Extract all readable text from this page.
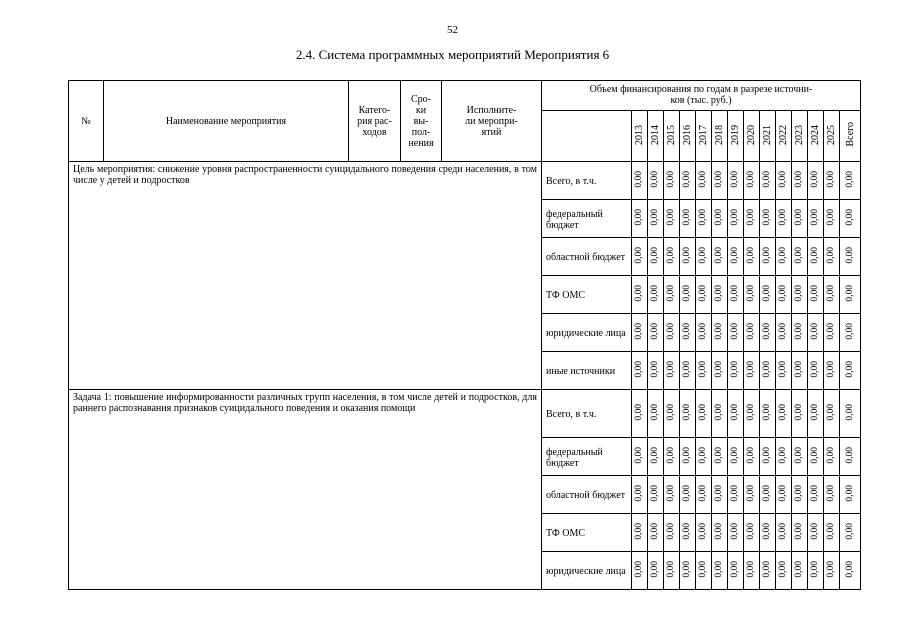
52
2.4. Система программных мероприятий Мероприятия 6
№	Наименование мероприятия	Катего-
рия рас-
ходов	Сро-
ки
вы-
пол-
нения	Исполните-
ли меропри-
ятий	Объем финансирования по годам в разрезе источни-
ков (тыс. руб.)														
						2013	2014	2015	2016	2017	2018	2019	2020	2021	2022	2023	2024	2025	Всего
Цель мероприятия: снижение уровня распространенности суицидального поведения среди населения, в том числе у детей и подростков					Всего, в т.ч.	0,00	0,00	0,00	0,00	0,00	0,00	0,00	0,00	0,00	0,00	0,00	0,00	0,00	0,00
					федеральный бюджет	0,00	0,00	0,00	0,00	0,00	0,00	0,00	0,00	0,00	0,00	0,00	0,00	0,00	0,00
					областной бюджет	0,00	0,00	0,00	0,00	0,00	0,00	0,00	0,00	0,00	0,00	0,00	0,00	0,00	0,00
					ТФ ОМС	0,00	0,00	0,00	0,00	0,00	0,00	0,00	0,00	0,00	0,00	0,00	0,00	0,00	0,00
					юридические лица	0,00	0,00	0,00	0,00	0,00	0,00	0,00	0,00	0,00	0,00	0,00	0,00	0,00	0,00
					иные источники	0,00	0,00	0,00	0,00	0,00	0,00	0,00	0,00	0,00	0,00	0,00	0,00	0,00	0,00
Задача 1: повышение информированности различных групп населения, в том числе детей и подростков, для раннего распознавания признаков суицидального поведения и оказания помощи					Всего, в т.ч.	0,00	0,00	0,00	0,00	0,00	0,00	0,00	0,00	0,00	0,00	0,00	0,00	0,00	0,00
					федеральный бюджет	0,00	0,00	0,00	0,00	0,00	0,00	0,00	0,00	0,00	0,00	0,00	0,00	0,00	0,00
					областной бюджет	0,00	0,00	0,00	0,00	0,00	0,00	0,00	0,00	0,00	0,00	0,00	0,00	0,00	0,00
					ТФ ОМС	0,00	0,00	0,00	0,00	0,00	0,00	0,00	0,00	0,00	0,00	0,00	0,00	0,00	0,00
					юридические лица	0,00	0,00	0,00	0,00	0,00	0,00	0,00	0,00	0,00	0,00	0,00	0,00	0,00	0,00
